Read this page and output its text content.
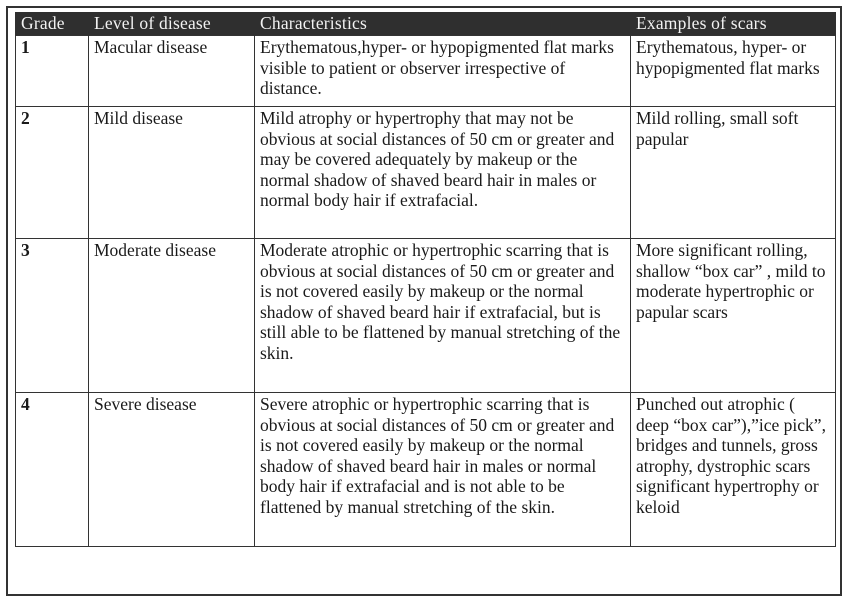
Grade	Level of disease	Characteristics	Examples of scars
1	Macular disease	Erythematous,hyper- or hypopigmented flat marks visible to patient or observer irrespective of distance.	Erythematous, hyper- or hypopigmented flat marks
2	Mild disease	Mild atrophy or hypertrophy that may not be obvious at social distances of 50 cm or greater and may be covered adequately by makeup or the normal shadow of shaved beard hair in males or normal body hair if extrafacial.	Mild rolling, small soft papular
3	Moderate disease	Moderate atrophic or hypertrophic scarring that is obvious at social distances of 50 cm or greater and is not covered easily by makeup or the normal shadow of shaved beard hair if extrafacial, but is still able to be flattened by manual stretching of the skin.	More significant rolling, shallow “box car” , mild to moderate hypertrophic or papular scars
4	Severe disease	Severe atrophic or hypertrophic scarring that is obvious at social distances of 50 cm or greater and is not covered easily by makeup or the normal shadow of shaved beard hair in males or normal body hair if extrafacial and is not able to be flattened by manual stretching of the skin.	Punched out atrophic ( deep “box car”),”ice pick”, bridges and tunnels, gross atrophy, dystrophic scars significant hypertrophy or keloid
